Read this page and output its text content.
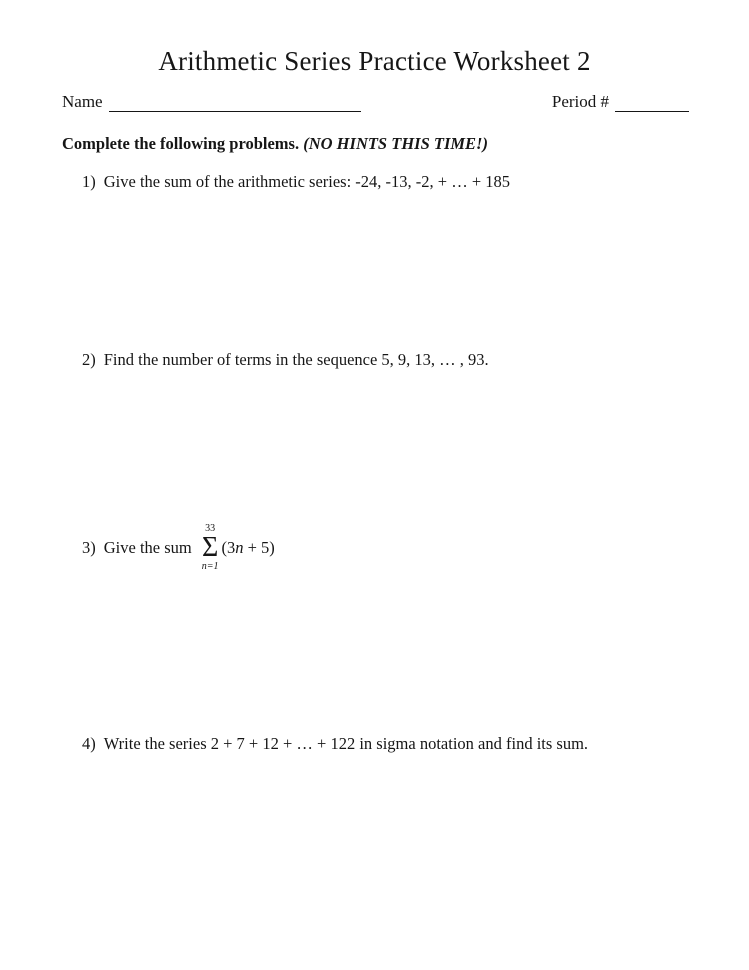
Arithmetic Series Practice Worksheet 2
Name	Period #
Complete the following problems. (NO HINTS THIS TIME!)
1) Give the sum of the arithmetic series: -24, -13, -2, + … + 185
2) Find the number of terms in the sequence 5, 9, 13, … , 93.
3) Give the sum
33
Σ
n=1
(3n + 5)
4) Write the series 2 + 7 + 12 + … + 122 in sigma notation and find its sum.
